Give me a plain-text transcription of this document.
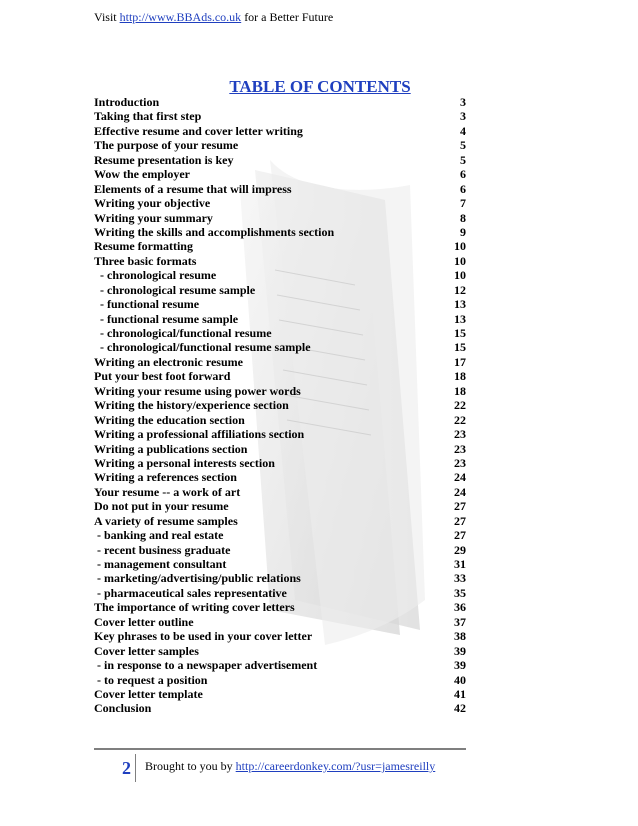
Visit http://www.BBAds.co.uk for a Better Future
TABLE OF CONTENTS
Introduction	3
Taking that first step	3
Effective resume and cover letter writing	4
The purpose of your resume	5
Resume presentation is key	5
Wow the employer	6
Elements of a resume that will impress	6
Writing your objective	7
Writing your summary	8
Writing the skills and accomplishments section	9
Resume formatting	10
Three basic formats	10
- chronological resume	10
- chronological resume sample	12
- functional resume	13
- functional resume sample	13
- chronological/functional resume	15
- chronological/functional resume sample	15
Writing an electronic resume	17
Put your best foot forward	18
Writing your resume using power words	18
Writing the history/experience section	22
Writing the education section	22
Writing a professional affiliations section	23
Writing a publications section	23
Writing a personal interests section	23
Writing a references section	24
Your resume -- a work of art	24
Do not put in your resume	27
A variety of resume samples	27
- banking and real estate	27
- recent business graduate	29
- management consultant	31
- marketing/advertising/public relations	33
- pharmaceutical sales representative	35
The importance of writing cover letters	36
Cover letter outline	37
Key phrases to be used in your cover letter	38
Cover letter samples	39
- in response to a newspaper advertisement	39
- to request a position	40
Cover letter template	41
Conclusion	42
2	Brought to you by http://careerdonkey.com/?usr=jamesreilly
